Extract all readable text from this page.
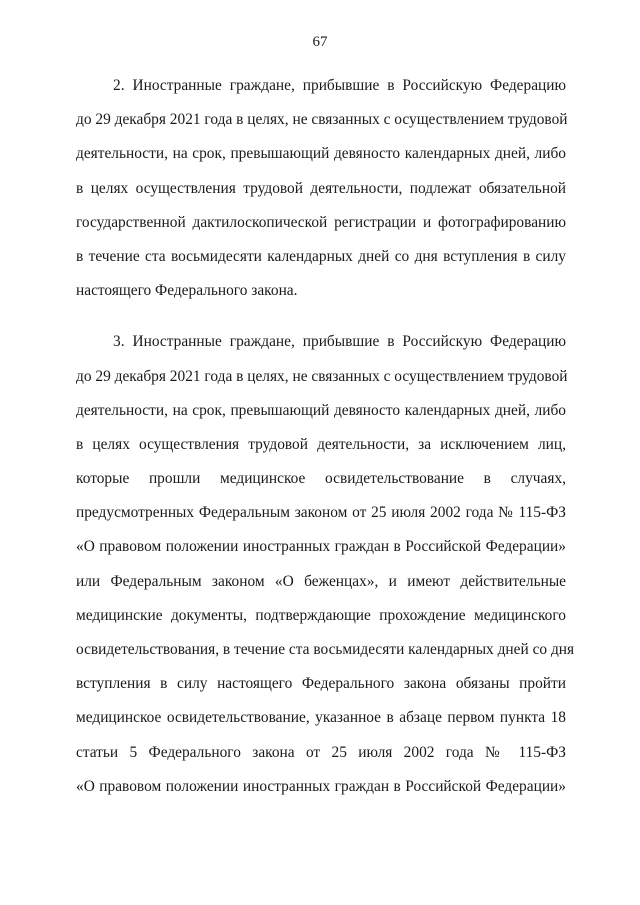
67

2. Иностранные граждане, прибывшие в Российскую Федерацию
до 29 декабря 2021 года в целях, не связанных с осуществлением трудовой
деятельности, на срок, превышающий девяносто календарных дней, либо
в целях осуществления трудовой деятельности, подлежат обязательной
государственной дактилоскопической регистрации и фотографированию
в течение ста восьмидесяти календарных дней со дня вступления в силу
настоящего Федерального закона.

3. Иностранные граждане, прибывшие в Российскую Федерацию
до 29 декабря 2021 года в целях, не связанных с осуществлением трудовой
деятельности, на срок, превышающий девяносто календарных дней, либо
в целях осуществления трудовой деятельности, за исключением лиц,
которые прошли медицинское освидетельствование в случаях,
предусмотренных Федеральным законом от 25 июля 2002 года № 115-ФЗ
«О правовом положении иностранных граждан в Российской Федерации»
или Федеральным законом «О беженцах», и имеют действительные
медицинские документы, подтверждающие прохождение медицинского
освидетельствования, в течение ста восьмидесяти календарных дней со дня
вступления в силу настоящего Федерального закона обязаны пройти
медицинское освидетельствование, указанное в абзаце первом пункта 18
статьи 5 Федерального закона от 25 июля 2002 года № 115-ФЗ
«О правовом положении иностранных граждан в Российской Федерации»
